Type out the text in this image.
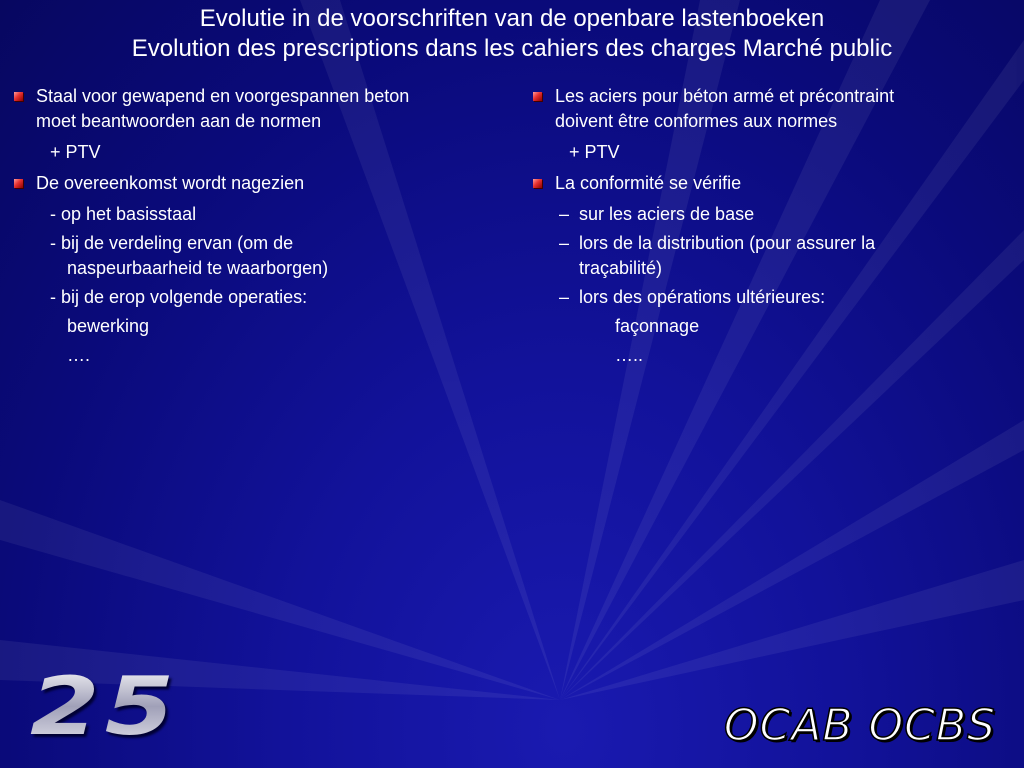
Evolutie in de voorschriften van de openbare lastenboeken
Evolution des prescriptions dans les cahiers des charges Marché public
Staal voor gewapend en voorgespannen beton
moet beantwoorden aan de normen
+ PTV
De overeenkomst wordt nagezien
- op het basisstaal
- bij de verdeling ervan (om de
naspeurbaarheid te waarborgen)
- bij de erop volgende operaties:
bewerking
….
Les aciers pour béton armé et précontraint
doivent être conformes aux normes
+ PTV
La conformité se vérifie
– sur les aciers de base
– lors de la distribution (pour assurer la
traçabilité)
– lors des opérations ultérieures:
façonnage
…..
25	OCAB OCBS
